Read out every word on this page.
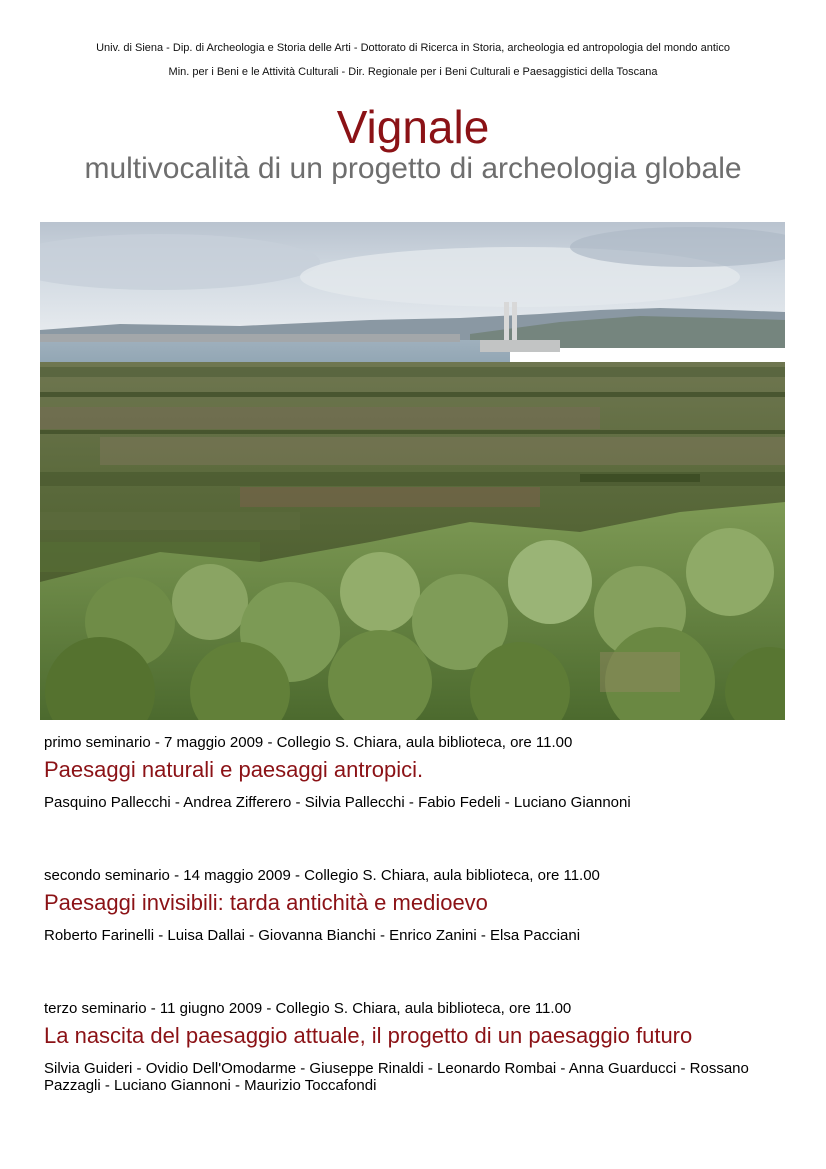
Univ. di Siena - Dip. di Archeologia e Storia delle Arti - Dottorato di Ricerca in Storia, archeologia ed antropologia del mondo antico
Min. per i Beni e le Attività Culturali - Dir. Regionale per i Beni Culturali e Paesaggistici della Toscana
Vignale
multivocalità di un progetto di archeologia globale
primo seminario - 7 maggio 2009 - Collegio S. Chiara, aula biblioteca, ore 11.00
Paesaggi naturali e paesaggi antropici.
Pasquino Pallecchi - Andrea Zifferero - Silvia Pallecchi - Fabio Fedeli - Luciano Giannoni
secondo seminario - 14 maggio 2009 - Collegio S. Chiara, aula biblioteca, ore 11.00
Paesaggi invisibili: tarda antichità e medioevo
Roberto Farinelli - Luisa Dallai - Giovanna Bianchi - Enrico Zanini - Elsa Pacciani
terzo seminario - 11 giugno 2009 - Collegio S. Chiara, aula biblioteca, ore 11.00
La nascita del paesaggio attuale, il progetto di un paesaggio futuro
Silvia Guideri - Ovidio Dell'Omodarme - Giuseppe Rinaldi - Leonardo Rombai - Anna Guarducci - Rossano Pazzagli - Luciano Giannoni - Maurizio Toccafondi
